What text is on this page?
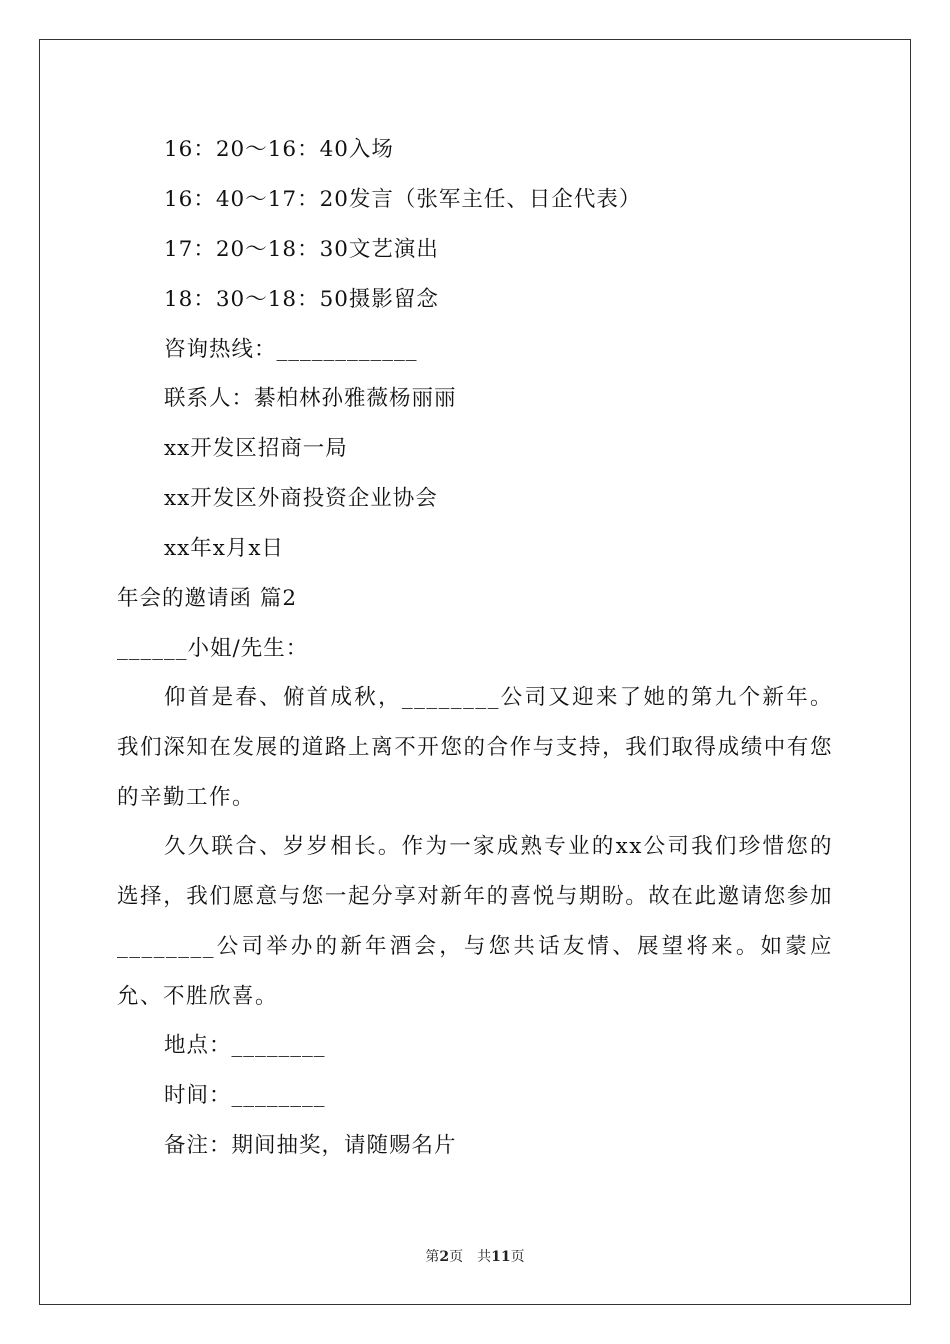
16：20～16：40入场
16：40～17：20发言（张军主任、日企代表）
17：20～18：30文艺演出
18：30～18：50摄影留念
咨询热线：____________
联系人：綦柏林孙雅薇杨丽丽
xx开发区招商一局
xx开发区外商投资企业协会
xx年x月x日
年会的邀请函 篇2
______小姐/先生：
仰首是春、俯首成秋，________公司又迎来了她的第九个新年。我们深知在发展的道路上离不开您的合作与支持，我们取得成绩中有您的辛勤工作。
久久联合、岁岁相长。作为一家成熟专业的xx公司我们珍惜您的选择，我们愿意与您一起分享对新年的喜悦与期盼。故在此邀请您参加________公司举办的新年酒会，与您共话友情、展望将来。如蒙应允、不胜欣喜。
地点：________
时间：________
备注：期间抽奖，请随赐名片
第2页　共11页
